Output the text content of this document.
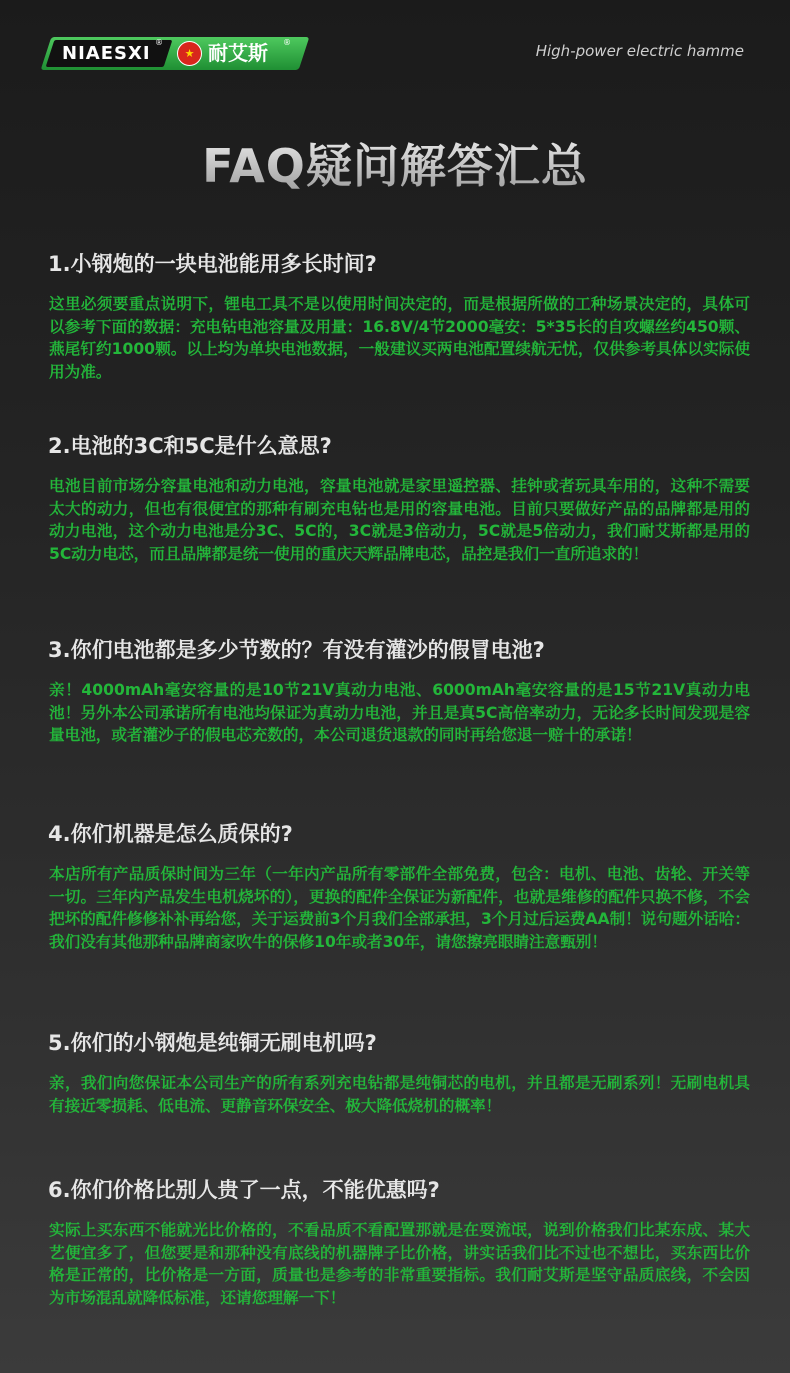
NIAESXI
®
★ 耐艾斯 ®	High-power electric hamme
FAQ疑问解答汇总

1.小钢炮的一块电池能用多长时间?

这里必须要重点说明下，锂电工具不是以使用时间决定的，而是根据所做的工种场景决定的，具体可以参考下面的数据：充电钻电池容量及用量：16.8V/4节2000毫安：5*35长的自攻螺丝约450颗、燕尾钉约1000颗。以上均为单块电池数据，一般建议买两电池配置续航无忧，仅供参考具体以实际使用为准。

2.电池的3C和5C是什么意思?

电池目前市场分容量电池和动力电池，容量电池就是家里遥控器、挂钟或者玩具车用的，这种不需要太大的动力，但也有很便宜的那种有刷充电钻也是用的容量电池。目前只要做好产品的品牌都是用的动力电池，这个动力电池是分3C、5C的，3C就是3倍动力，5C就是5倍动力，我们耐艾斯都是用的5C动力电芯，而且品牌都是统一使用的重庆天辉品牌电芯，品控是我们一直所追求的！

3.你们电池都是多少节数的？有没有灌沙的假冒电池?

亲！4000mAh毫安容量的是10节21V真动力电池、6000mAh毫安容量的是15节21V真动力电池！另外本公司承诺所有电池均保证为真动力电池，并且是真5C高倍率动力，无论多长时间发现是容量电池，或者灌沙子的假电芯充数的，本公司退货退款的同时再给您退一赔十的承诺！

4.你们机器是怎么质保的?

本店所有产品质保时间为三年（一年内产品所有零部件全部免费，包含：电机、电池、齿轮、开关等一切。三年内产品发生电机烧坏的），更换的配件全保证为新配件，也就是维修的配件只换不修，不会把坏的配件修修补补再给您，关于运费前3个月我们全部承担，3个月过后运费AA制！说句题外话哈：我们没有其他那种品牌商家吹牛的保修10年或者30年，请您擦亮眼睛注意甄别！

5.你们的小钢炮是纯铜无刷电机吗?

亲，我们向您保证本公司生产的所有系列充电钻都是纯铜芯的电机，并且都是无刷系列！无刷电机具有接近零损耗、低电流、更静音环保安全、极大降低烧机的概率！

6.你们价格比别人贵了一点，不能优惠吗?

实际上买东西不能就光比价格的，不看品质不看配置那就是在耍流氓，说到价格我们比某东成、某大艺便宜多了，但您要是和那种没有底线的机器牌子比价格，讲实话我们比不过也不想比，买东西比价格是正常的，比价格是一方面，质量也是参考的非常重要指标。我们耐艾斯是坚守品质底线，不会因为市场混乱就降低标准，还请您理解一下！
